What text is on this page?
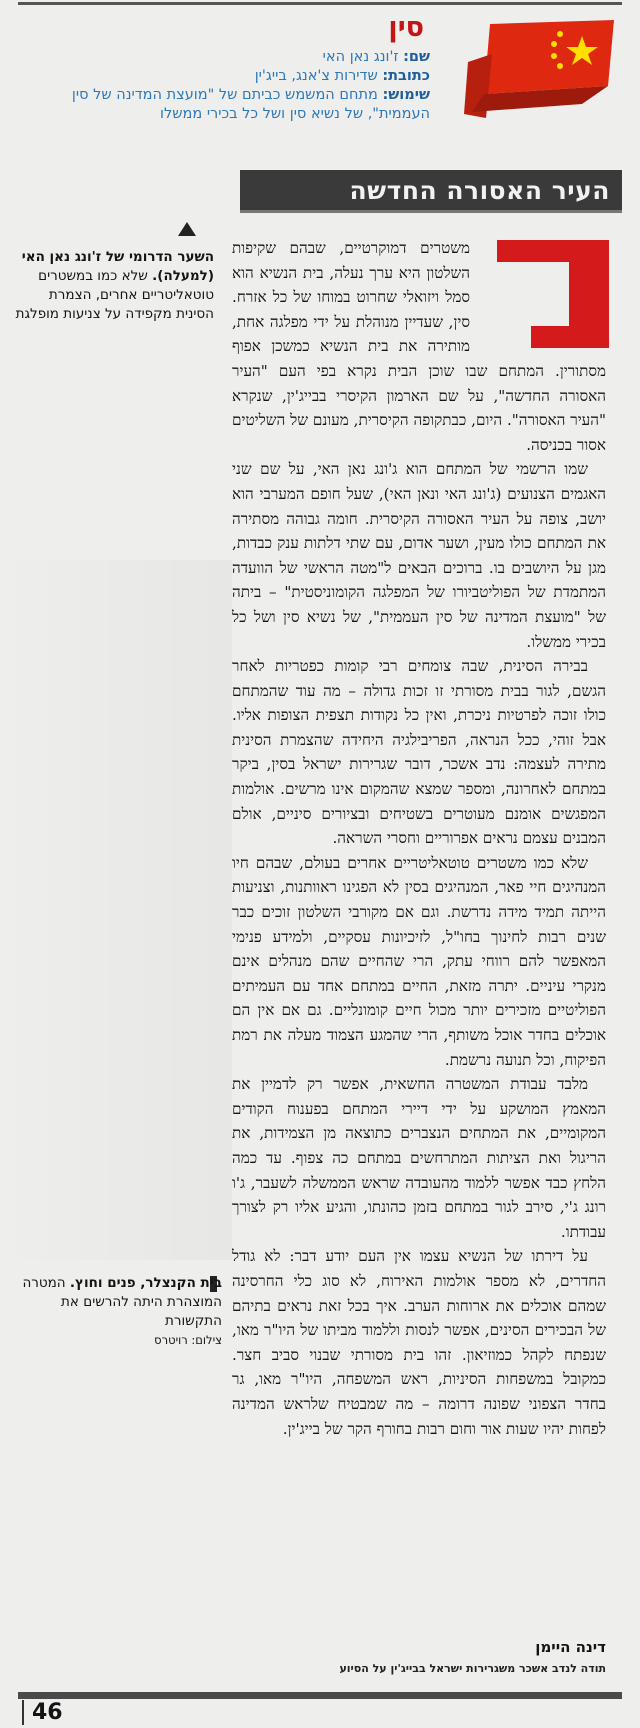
סין
שם: ז'ונג נאן האי
כתובת: שדירות צ'אנג, בייג'ין
שימוש: מתחם המשמש כביתם של "מועצת המדינה של סין העממית", של נשיא סין ושל כל בכירי ממשלו
העיר האסורה החדשה

משטרים דמוקרטיים, שבהם שקיפות השלטון היא ערך נעלה, בית הנשיא הוא סמל ויזואלי שחרוט במוחו של כל אזרח. סין, שעדיין מנוהלת על ידי מפלגה אחת, מותירה את בית הנשיא כמשכן אפוף מסתורין. המתחם שבו שוכן הבית נקרא בפי העם "העיר האסורה החדשה", על שם הארמון הקיסרי בבייג'ין, שנקרא "העיר האסורה". היום, כבתקופה הקיסרית, מעונם של השליטים אסור בכניסה.

שמו הרשמי של המתחם הוא ג'ונג נאן האי, על שם שני האגמים הצנועים (ג'ונג האי ונאן האי), שעל חופם המערבי הוא יושב, צופה על העיר האסורה הקיסרית. חומה גבוהה מסתירה את המתחם כולו מעין, ושער אדום, עם שתי דלתות ענק כבדות, מגן על היושבים בו. ברוכים הבאים ל"מטה הראשי של הוועדה המתמדת של הפוליטביורו של המפלגה הקומוניסטית" – ביתה של "מועצת המדינה של סין העממית", של נשיא סין ושל כל בכירי ממשלו.

בבירה הסינית, שבה צומחים רבי קומות כפטריות לאחר הגשם, לגור בבית מסורתי זו זכות גדולה – מה עוד שהמתחם כולו זוכה לפרטיות ניכרת, ואין כל נקודות תצפית הצופות אליו. אבל זוהי, ככל הנראה, הפריבילגיה היחידה שהצמרת הסינית מתירה לעצמה: נדב אשכר, דובר שגרירות ישראל בסין, ביקר במתחם לאחרונה, ומספר שמצא שהמקום אינו מרשים. אולמות המפגשים אומנם מעוטרים בשטיחים ובציורים סיניים, אולם המבנים עצמם נראים אפרוריים וחסרי השראה.

שלא כמו משטרים טוטאליטריים אחרים בעולם, שבהם חיו המנהיגים חיי פאר, המנהיגים בסין לא הפגינו ראוותנות, וצניעות הייתה תמיד מידה נדרשת. וגם אם מקורבי השלטון זוכים כבר שנים רבות לחינוך בחו"ל, לזיכיונות עסקיים, ולמידע פנימי המאפשר להם רווחי עתק, הרי שהחיים שהם מנהלים אינם מנקרי עיניים. יתרה מזאת, החיים במתחם אחד עם העמיתים הפוליטיים מזכירים יותר מכול חיים קומונליים. גם אם אין הם אוכלים בחדר אוכל משותף, הרי שהמגע הצמוד מעלה את רמת הפיקוח, וכל תנועה נרשמת.

מלבד עבודת המשטרה החשאית, אפשר רק לדמיין את המאמץ המושקע על ידי דיירי המתחם בפענוח הקודים המקומיים, את המתחים הנצברים כתוצאה מן הצמידות, את הריגול ואת הציתות המתרחשים במתחם כה צפוף. עד כמה הלחץ כבד אפשר ללמוד מהעובדה שראש הממשלה לשעבר, ג'ו רונג ג'י, סירב לגור במתחם בזמן כהונתו, והגיע אליו רק לצורך עבודתו.

על דירתו של הנשיא עצמו אין העם יודע דבר: לא גודל החדרים, לא מספר אולמות האירוח, לא סוג כלי החרסינה שמהם אוכלים את ארוחות הערב. איך בכל זאת נראים בתיהם של הבכירים הסינים, אפשר לנסות וללמוד מביתו של היו"ר מאו, שנפתח לקהל כמוזיאון. זהו בית מסורתי שבנוי סביב חצר. כמקובל במשפחות הסיניות, ראש המשפחה, היו"ר מאו, גר בחדר הצפוני שפונה דרומה – מה שמבטיח שלראש המדינה לפחות יהיו שעות אור וחום רבות בחורף הקר של בייג'ין.

דינה היימן
תודה לנדב אשכר משגרירות ישראל בבייג'ין על הסיוע
השער הדרומי של ז'ונג נאן האי (למעלה). שלא כמו במשטרים טוטאליטריים אחרים, הצמרת הסינית מקפידה על צניעות מופלגת
בית הקנצלר, פנים וחוץ. המטרה המוצהרת היתה להרשים את התקשורת
צילום: רויטרס
46
